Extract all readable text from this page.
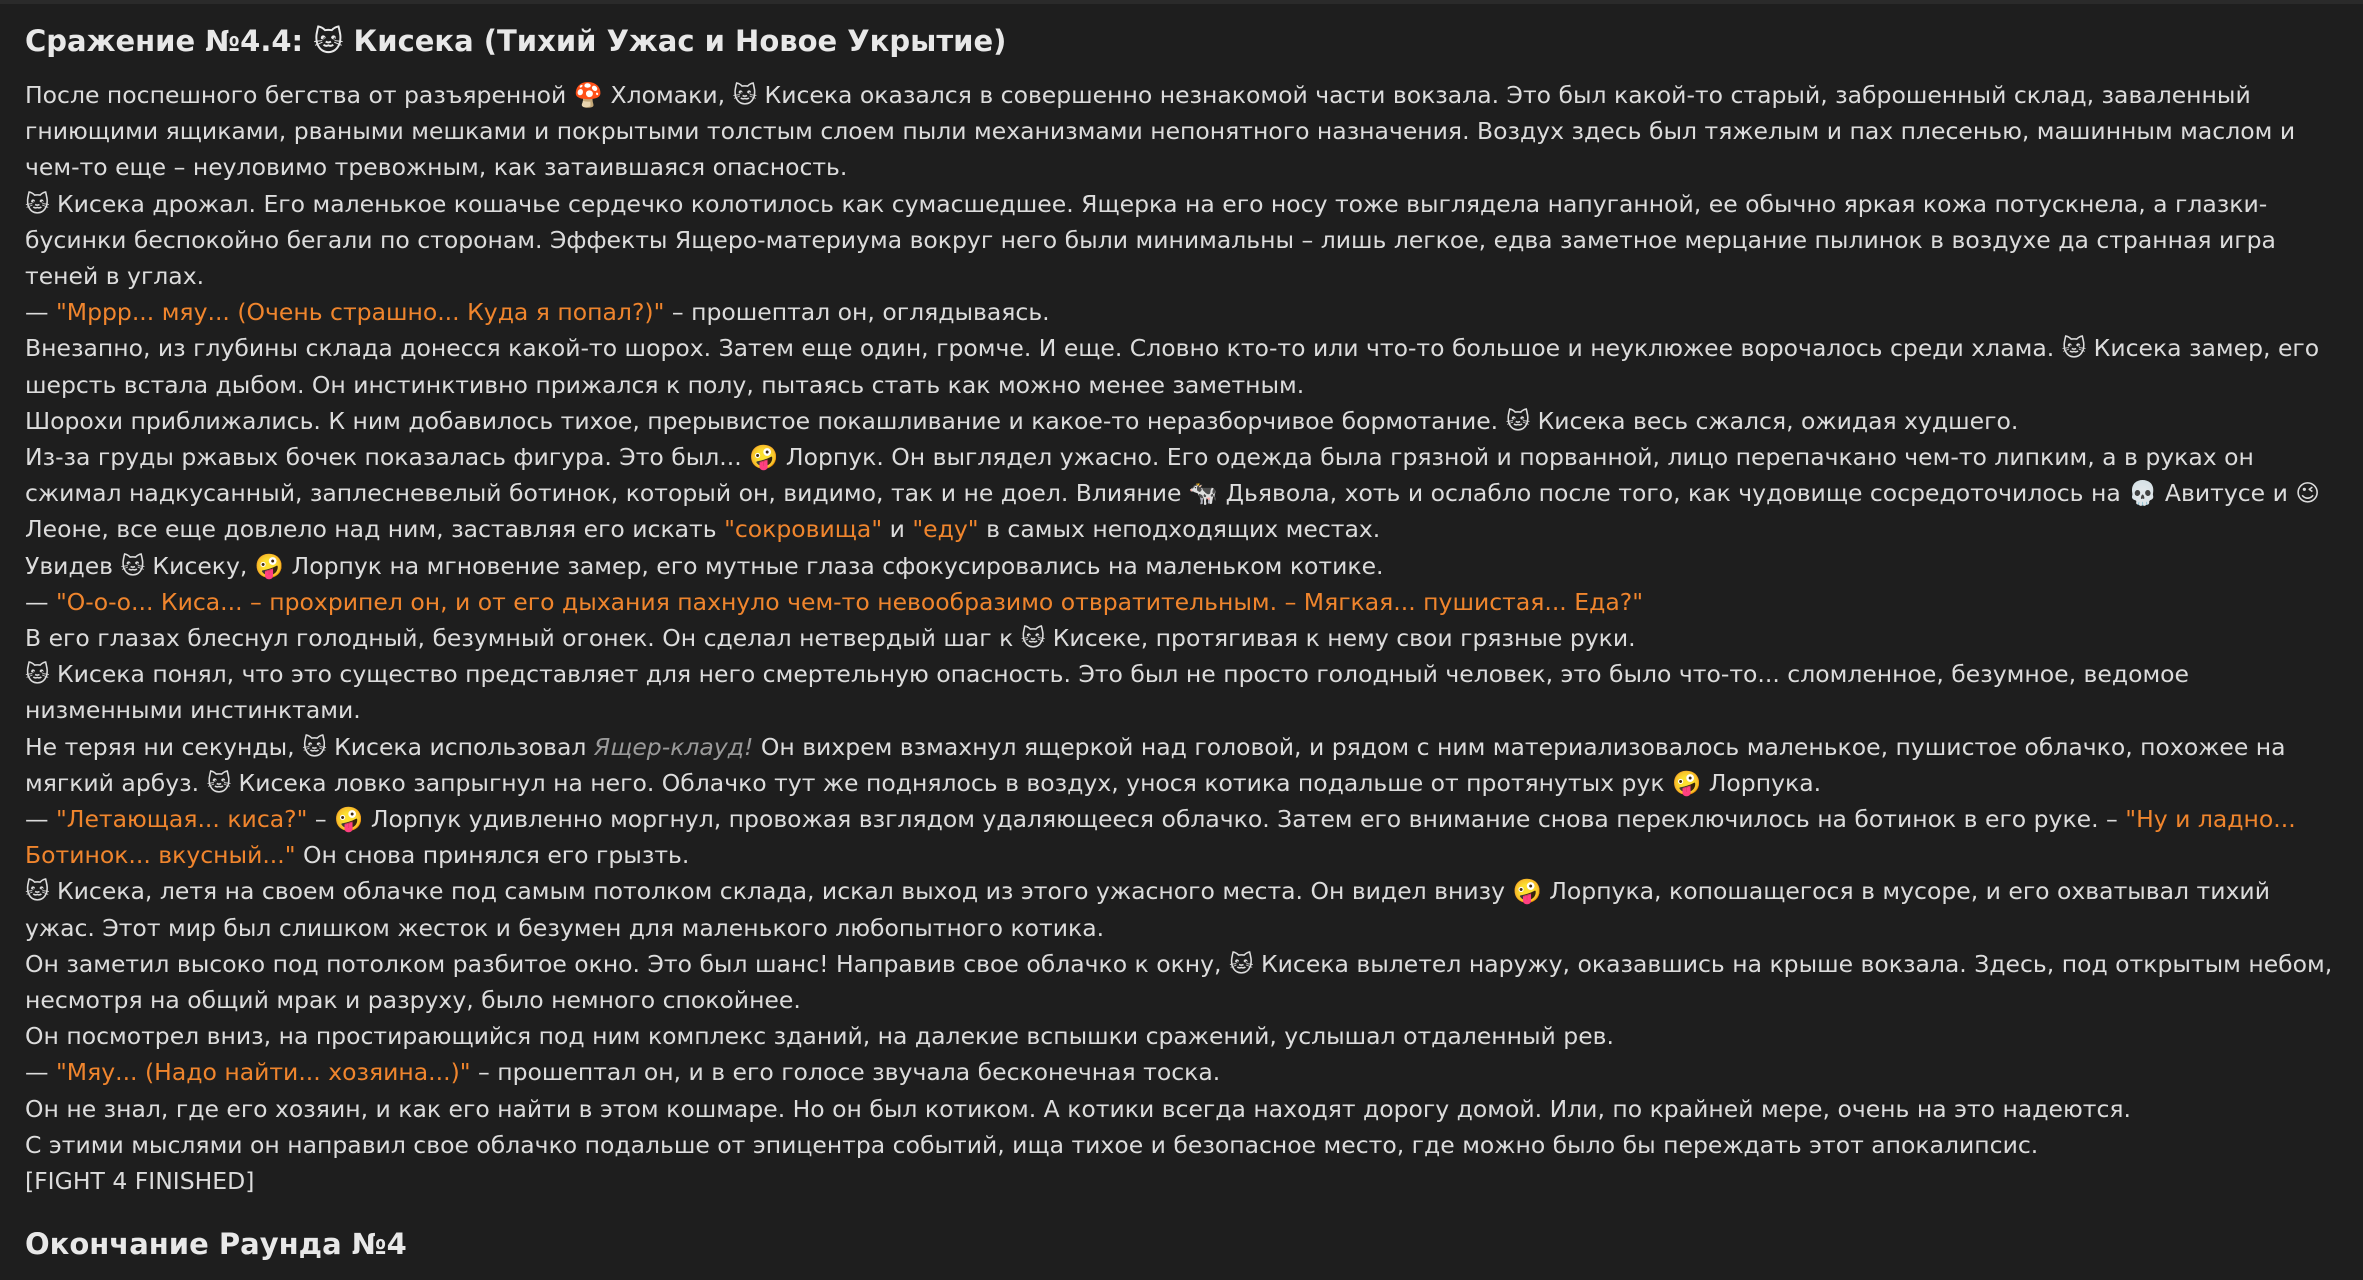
Сражение №4.4: 🐱 Кисека (Тихий Ужас и Новое Укрытие)

После поспешного бегства от разъяренной 🍄 Хломаки, 🐱 Кисека оказался в совершенно незнакомой части вокзала. Это был какой-то старый, заброшенный склад, заваленный гниющими ящиками, рваными мешками и покрытыми толстым слоем пыли механизмами непонятного назначения. Воздух здесь был тяжелым и пах плесенью, машинным маслом и чем-то еще – неуловимо тревожным, как затаившаяся опасность.

🐱 Кисека дрожал. Его маленькое кошачье сердечко колотилось как сумасшедшее. Ящерка на его носу тоже выглядела напуганной, ее обычно яркая кожа потускнела, а глазки-бусинки беспокойно бегали по сторонам. Эффекты Ящеро-материума вокруг него были минимальны – лишь легкое, едва заметное мерцание пылинок в воздухе да странная игра теней в углах.

— "Мррр... мяу... (Очень страшно... Куда я попал?)" – прошептал он, оглядываясь.

Внезапно, из глубины склада донесся какой-то шорох. Затем еще один, громче. И еще. Словно кто-то или что-то большое и неуклюжее ворочалось среди хлама. 🐱 Кисека замер, его шерсть встала дыбом. Он инстинктивно прижался к полу, пытаясь стать как можно менее заметным.

Шорохи приближались. К ним добавилось тихое, прерывистое покашливание и какое-то неразборчивое бормотание. 🐱 Кисека весь сжался, ожидая худшего.

Из-за груды ржавых бочек показалась фигура. Это был... 🤪 Лорпук. Он выглядел ужасно. Его одежда была грязной и порванной, лицо перепачкано чем-то липким, а в руках он сжимал надкусанный, заплесневелый ботинок, который он, видимо, так и не доел. Влияние 🐄 Дьявола, хоть и ослабло после того, как чудовище сосредоточилось на 💀 Авитусе и 😉 Леоне, все еще довлело над ним, заставляя его искать "сокровища" и "еду" в самых неподходящих местах.

Увидев 🐱 Кисеку, 🤪 Лорпук на мгновение замер, его мутные глаза сфокусировались на маленьком котике.

— "О-о-о... Киса... – прохрипел он, и от его дыхания пахнуло чем-то невообразимо отвратительным. – Мягкая... пушистая... Еда?"

В его глазах блеснул голодный, безумный огонек. Он сделал нетвердый шаг к 🐱 Кисеке, протягивая к нему свои грязные руки.

🐱 Кисека понял, что это существо представляет для него смертельную опасность. Это был не просто голодный человек, это было что-то... сломленное, безумное, ведомое низменными инстинктами.

Не теряя ни секунды, 🐱 Кисека использовал Ящер-клауд! Он вихрем взмахнул ящеркой над головой, и рядом с ним материализовалось маленькое, пушистое облачко, похожее на мягкий арбуз. 🐱 Кисека ловко запрыгнул на него. Облачко тут же поднялось в воздух, унося котика подальше от протянутых рук 🤪 Лорпука.

— "Летающая... киса?" – 🤪 Лорпук удивленно моргнул, провожая взглядом удаляющееся облачко. Затем его внимание снова переключилось на ботинок в его руке. – "Ну и ладно... Ботинок... вкусный..." Он снова принялся его грызть.

🐱 Кисека, летя на своем облачке под самым потолком склада, искал выход из этого ужасного места. Он видел внизу 🤪 Лорпука, копошащегося в мусоре, и его охватывал тихий ужас. Этот мир был слишком жесток и безумен для маленького любопытного котика.

Он заметил высоко под потолком разбитое окно. Это был шанс! Направив свое облачко к окну, 🐱 Кисека вылетел наружу, оказавшись на крыше вокзала. Здесь, под открытым небом, несмотря на общий мрак и разруху, было немного спокойнее.

Он посмотрел вниз, на простирающийся под ним комплекс зданий, на далекие вспышки сражений, услышал отдаленный рев.

— "Мяу... (Надо найти... хозяина...)" – прошептал он, и в его голосе звучала бесконечная тоска.

Он не знал, где его хозяин, и как его найти в этом кошмаре. Но он был котиком. А котики всегда находят дорогу домой. Или, по крайней мере, очень на это надеются.

С этими мыслями он направил свое облачко подальше от эпицентра событий, ища тихое и безопасное место, где можно было бы переждать этот апокалипсис.

[FIGHT 4 FINISHED]

Окончание Раунда №4
